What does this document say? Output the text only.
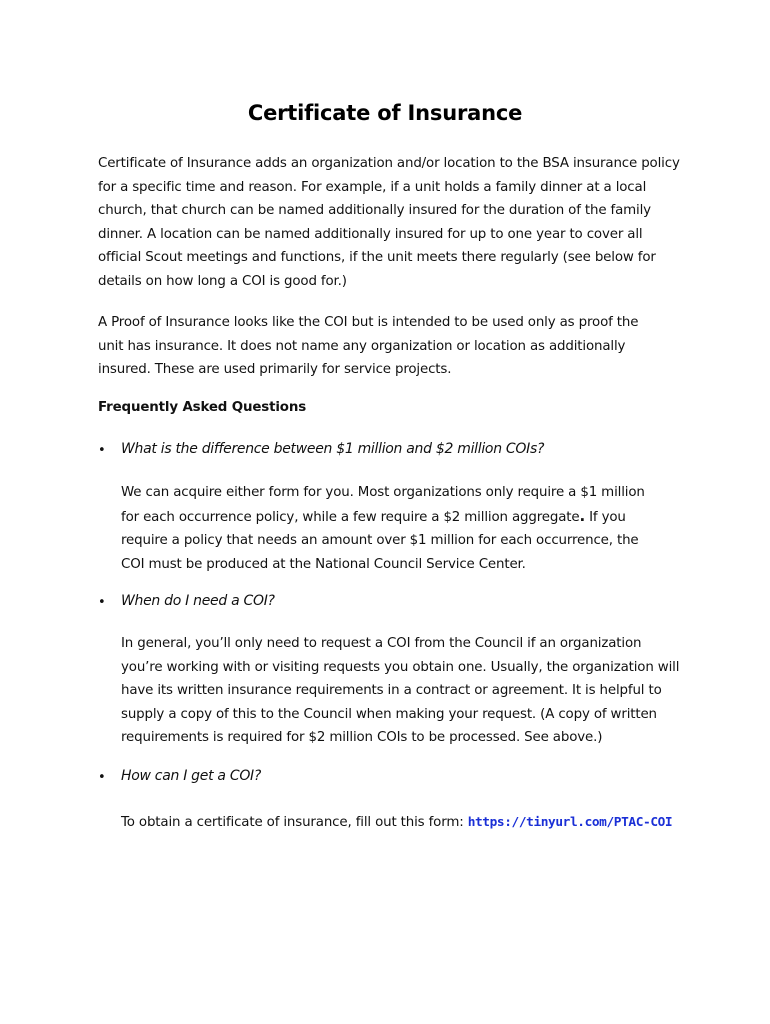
Certificate of Insurance

Certificate of Insurance adds an organization and/or location to the BSA insurance policy
for a specific time and reason. For example, if a unit holds a family dinner at a local
church, that church can be named additionally insured for the duration of the family
dinner. A location can be named additionally insured for up to one year to cover all
official Scout meetings and functions, if the unit meets there regularly (see below for
details on how long a COI is good for.)

A Proof of Insurance looks like the COI but is intended to be used only as proof the
unit has insurance. It does not name any organization or location as additionally
insured. These are used primarily for service projects.

Frequently Asked Questions

• What is the difference between $1 million and $2 million COIs?

We can acquire either form for you. Most organizations only require a $1 million
for each occurrence policy, while a few require a $2 million aggregate. If you
require a policy that needs an amount over $1 million for each occurrence, the
COI must be produced at the National Council Service Center.

• When do I need a COI?

In general, you’ll only need to request a COI from the Council if an organization
you’re working with or visiting requests you obtain one. Usually, the organization will
have its written insurance requirements in a contract or agreement. It is helpful to
supply a copy of this to the Council when making your request. (A copy of written
requirements is required for $2 million COIs to be processed. See above.)

• How can I get a COI?

To obtain a certificate of insurance, fill out this form: https://tinyurl.com/PTAC-COI
